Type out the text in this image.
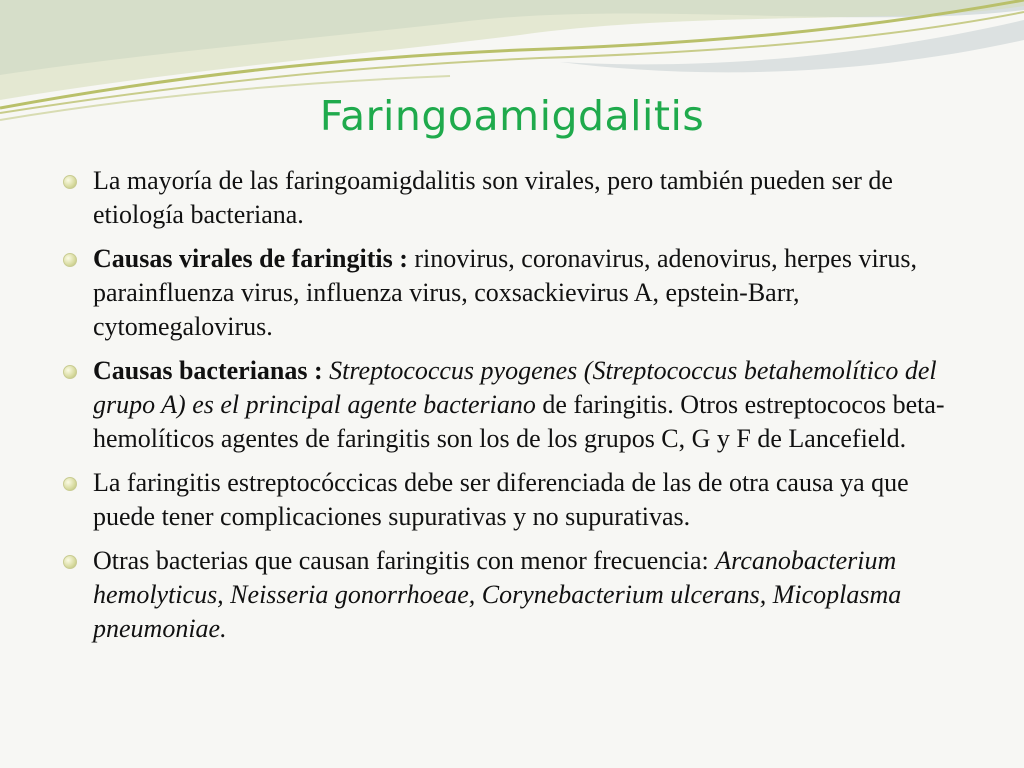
Faringoamigdalitis
La mayoría de las faringoamigdalitis son virales, pero también pueden ser de etiología bacteriana.
Causas virales de faringitis : rinovirus, coronavirus, adenovirus, herpes virus, parainfluenza virus, influenza virus, coxsackievirus A, epstein-Barr, cytomegalovirus.
Causas bacterianas : Streptococcus pyogenes (Streptococcus betahemolítico del grupo A) es el principal agente bacteriano de faringitis. Otros estreptococos beta-hemolíticos agentes de faringitis son los de los grupos C, G y F de Lancefield.
La faringitis estreptocóccicas debe ser diferenciada de las de otra causa ya que puede tener complicaciones supurativas y no supurativas.
Otras bacterias que causan faringitis con menor frecuencia: Arcanobacterium hemolyticus, Neisseria gonorrhoeae, Corynebacterium ulcerans, Micoplasma pneumoniae.
